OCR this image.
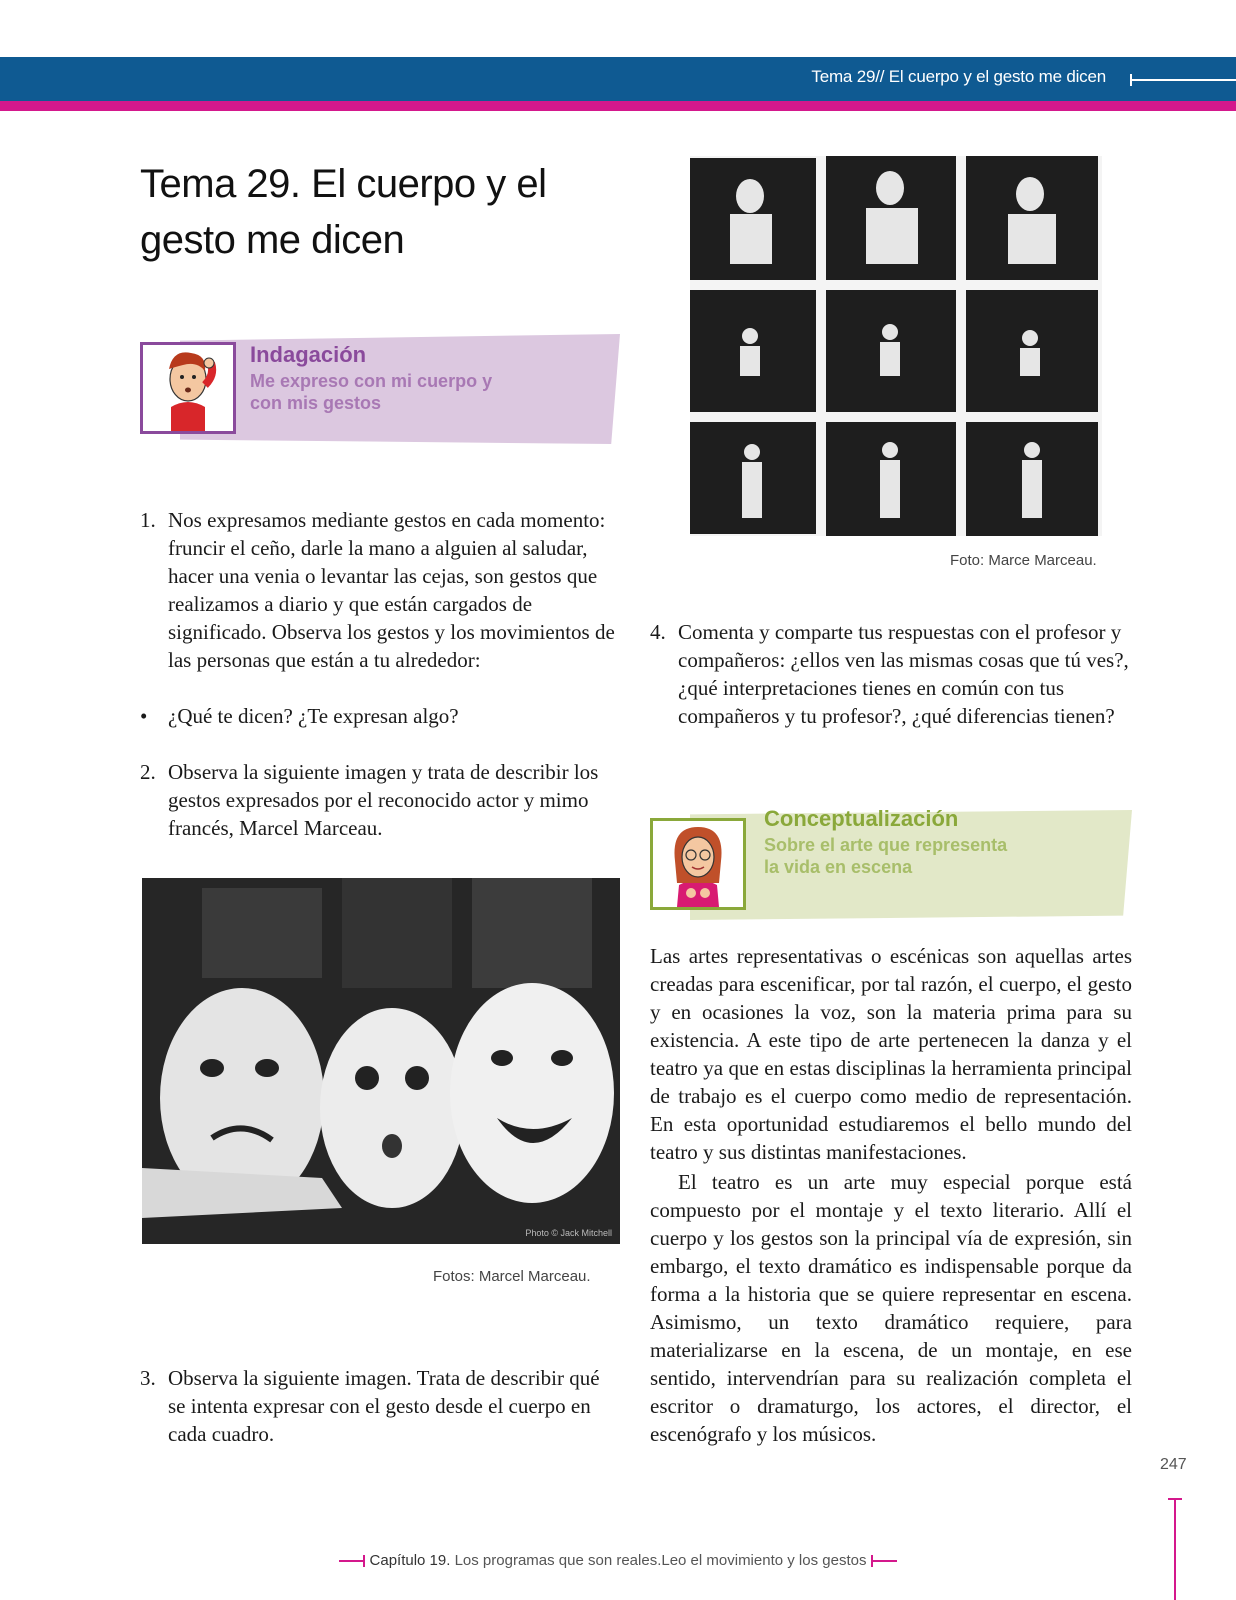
Tema 29// El cuerpo y el gesto me dicen
Tema 29. El cuerpo y el gesto me dicen
Indagación
Me expreso con mi cuerpo y
con mis gestos
1. Nos expresamos mediante gestos en cada momento: fruncir el ceño, darle la mano a alguien al saludar, hacer una venia o levantar las cejas, son gestos que realizamos a diario y que están cargados de significado. Observa los gestos y los movimientos de las personas que están a tu alrededor:
• ¿Qué te dicen? ¿Te expresan algo?
2. Observa la siguiente imagen y trata de describir los gestos expresados por el reconocido actor y mimo francés, Marcel Marceau.
Photo © Jack Mitchell
Fotos: Marcel Marceau.
3. Observa la siguiente imagen. Trata de describir qué se intenta expresar con el gesto desde el cuerpo en cada cuadro.
Foto: Marce Marceau.
4. Comenta y comparte tus respuestas con el profesor y compañeros: ¿ellos ven las mismas cosas que tú ves?, ¿qué interpretaciones tienes en común con tus compañeros y tu profesor?, ¿qué diferencias tienen?
Conceptualización
Sobre el arte que representa
la vida en escena
Las artes representativas o escénicas son aquellas artes creadas para escenificar, por tal razón, el cuerpo, el gesto y en ocasiones la voz, son la materia prima para su existencia. A este tipo de arte pertenecen la danza y el teatro ya que en estas disciplinas la herramienta principal de trabajo es el cuerpo como medio de representación. En esta oportunidad estudiaremos el bello mundo del teatro y sus distintas manifestaciones.
El teatro es un arte muy especial porque está compuesto por el montaje y el texto literario. Allí el cuerpo y los gestos son la principal vía de expresión, sin embargo, el texto dramático es indispensable porque da forma a la historia que se quiere representar en escena. Asimismo, un texto dramático requiere, para materializarse en la escena, de un montaje, en ese sentido, intervendrían para su realización completa el escritor o dramaturgo, los actores, el director, el escenógrafo y los músicos.
247
Capítulo 19. Los programas que son reales.Leo el movimiento y los gestos
